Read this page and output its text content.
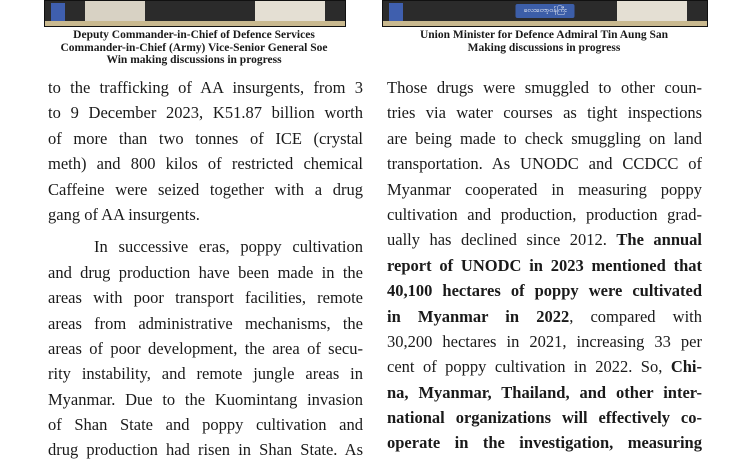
လေးတော့ဝန်ကြီး
Deputy Commander-in-Chief of Defence Services
Commander-in-Chief (Army) Vice-Senior General Soe
Win making discussions in progress
Union Minister for Defence Admiral Tin Aung San
Making discussions in progress
to the trafficking of AA insurgents, from 3
to 9 December 2023, K51.87 billion worth
of more than two tonnes of ICE (crystal
meth) and 800 kilos of restricted chemical
Caffeine were seized together with a drug
gang of AA insurgents.
In successive eras, poppy cultivation
and drug production have been made in the
areas with poor transport facilities, remote
areas from administrative mechanisms, the
areas of poor development, the area of secu-
rity instability, and remote jungle areas in
Myanmar. Due to the Kuomintang invasion
of Shan State and poppy cultivation and
drug production had risen in Shan State. As
Those drugs were smuggled to other coun-
tries via water courses as tight inspections
are being made to check smuggling on land
transportation. As UNODC and CCDCC of
Myanmar cooperated in measuring poppy
cultivation and production, production grad-
ually has declined since 2012. The annual
report of UNODC in 2023 mentioned that
40,100 hectares of poppy were cultivated
in Myanmar in 2022, compared with
30,200 hectares in 2021, increasing 33 per
cent of poppy cultivation in 2022. So, Chi-
na, Myanmar, Thailand, and other inter-
national organizations will effectively co-
operate in the investigation, measuring
